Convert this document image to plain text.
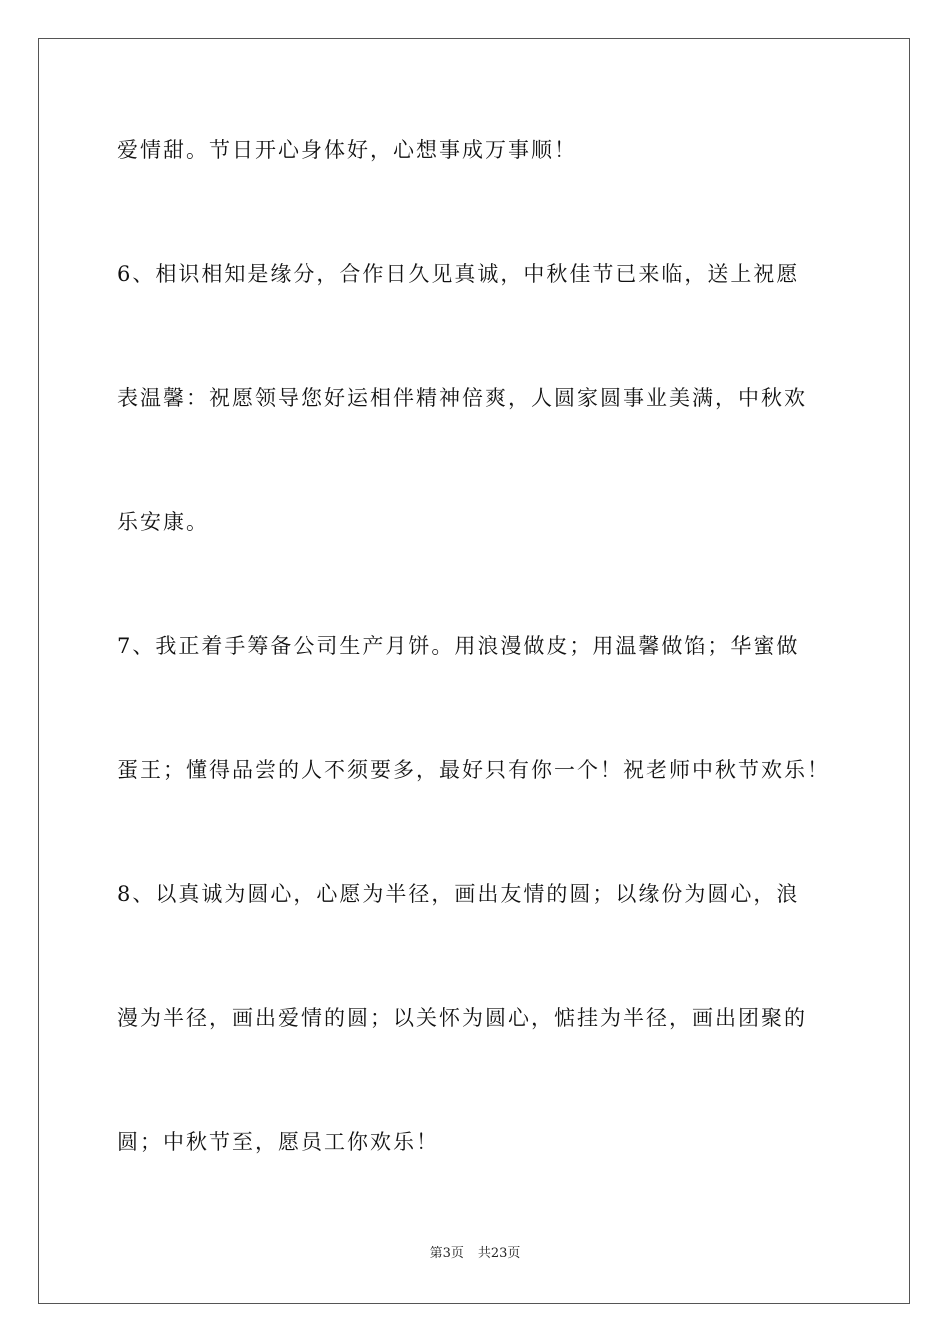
爱情甜。节日开心身体好，心想事成万事顺！
6、相识相知是缘分，合作日久见真诚，中秋佳节已来临，送上祝愿
表温馨：祝愿领导您好运相伴精神倍爽，人圆家圆事业美满，中秋欢
乐安康。
7、我正着手筹备公司生产月饼。用浪漫做皮；用温馨做馅；华蜜做
蛋王；懂得品尝的人不须要多，最好只有你一个！祝老师中秋节欢乐！
8、以真诚为圆心，心愿为半径，画出友情的圆；以缘份为圆心，浪
漫为半径，画出爱情的圆；以关怀为圆心，惦挂为半径，画出团聚的
圆；中秋节至，愿员工你欢乐！
第3页 共23页
